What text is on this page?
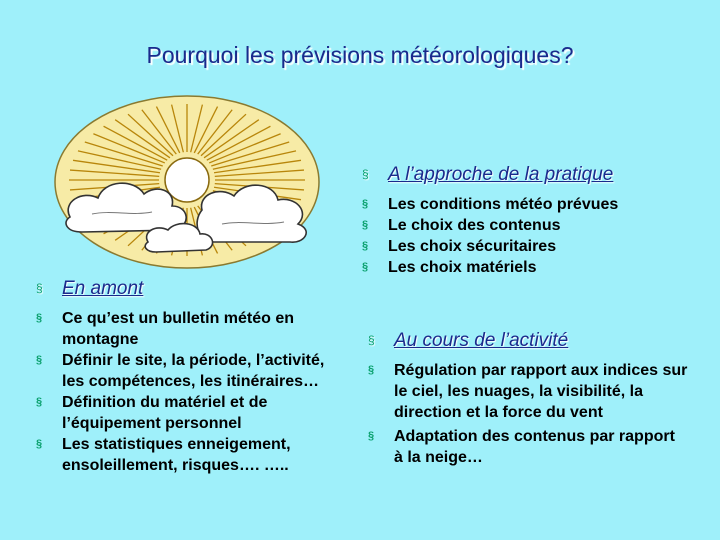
Pourquoi les prévisions météorologiques?
§ A l’approche de la pratique
§ Les conditions météo prévues
§ Le choix des contenus
§ Les choix sécuritaires
§ Les choix matériels
§ En amont
§ Ce qu’est un bulletin météo en montagne
§ Définir le site, la période, l’activité, les compétences, les itinéraires…
§ Définition du matériel et de l’équipement personnel
§ Les statistiques enneigement, ensoleillement, risques…. …..
§ Au cours de l’activité
§ Régulation par rapport aux indices sur le ciel, les nuages, la visibilité, la direction et la force du vent
§ Adaptation des contenus par rapport à la neige…
